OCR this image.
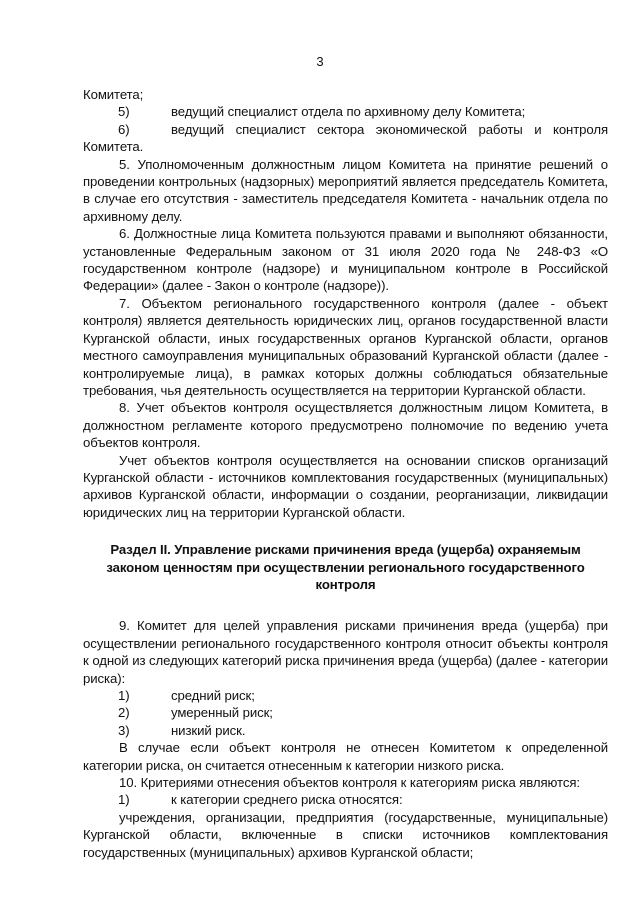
3

Комитета;

5)	ведущий специалист отдела по архивному делу Комитета;
6)	ведущий специалист сектора экономической работы и контроля

Комитета.

5. Уполномоченным должностным лицом Комитета на принятие решений о проведении контрольных (надзорных) мероприятий является председатель Комитета, в случае его отсутствия - заместитель председателя Комитета - начальник отдела по архивному делу.

6. Должностные лица Комитета пользуются правами и выполняют обязанности, установленные Федеральным законом от 31 июля 2020 года № 248-ФЗ «О государственном контроле (надзоре) и муниципальном контроле в Российской Федерации» (далее - Закон о контроле (надзоре)).

7. Объектом регионального государственного контроля (далее - объект контроля) является деятельность юридических лиц, органов государственной власти Курганской области, иных государственных органов Курганской области, органов местного самоуправления муниципальных образований Курганской области (далее - контролируемые лица), в рамках которых должны соблюдаться обязательные требования, чья деятельность осуществляется на территории Курганской области.

8. Учет объектов контроля осуществляется должностным лицом Комитета, в должностном регламенте которого предусмотрено полномочие по ведению учета объектов контроля.

Учет объектов контроля осуществляется на основании списков организаций Курганской области - источников комплектования государственных (муниципальных) архивов Курганской области, информации о создании, реорганизации, ликвидации юридических лиц на территории Курганской области.

Раздел II. Управление рисками причинения вреда (ущерба) охраняемым
законом ценностям при осуществлении регионального государственного
контроля

9. Комитет для целей управления рисками причинения вреда (ущерба) при осуществлении регионального государственного контроля относит объекты контроля к одной из следующих категорий риска причинения вреда (ущерба) (далее - категории риска):

1)	средний риск;
2)	умеренный риск;
3)	низкий риск.

В случае если объект контроля не отнесен Комитетом к определенной категории риска, он считается отнесенным к категории низкого риска.

10. Критериями отнесения объектов контроля к категориям риска являются:

1)	к категории среднего риска относятся:

учреждения, организации, предприятия (государственные, муниципальные) Курганской области, включенные в списки источников комплектования государственных (муниципальных) архивов Курганской области;
